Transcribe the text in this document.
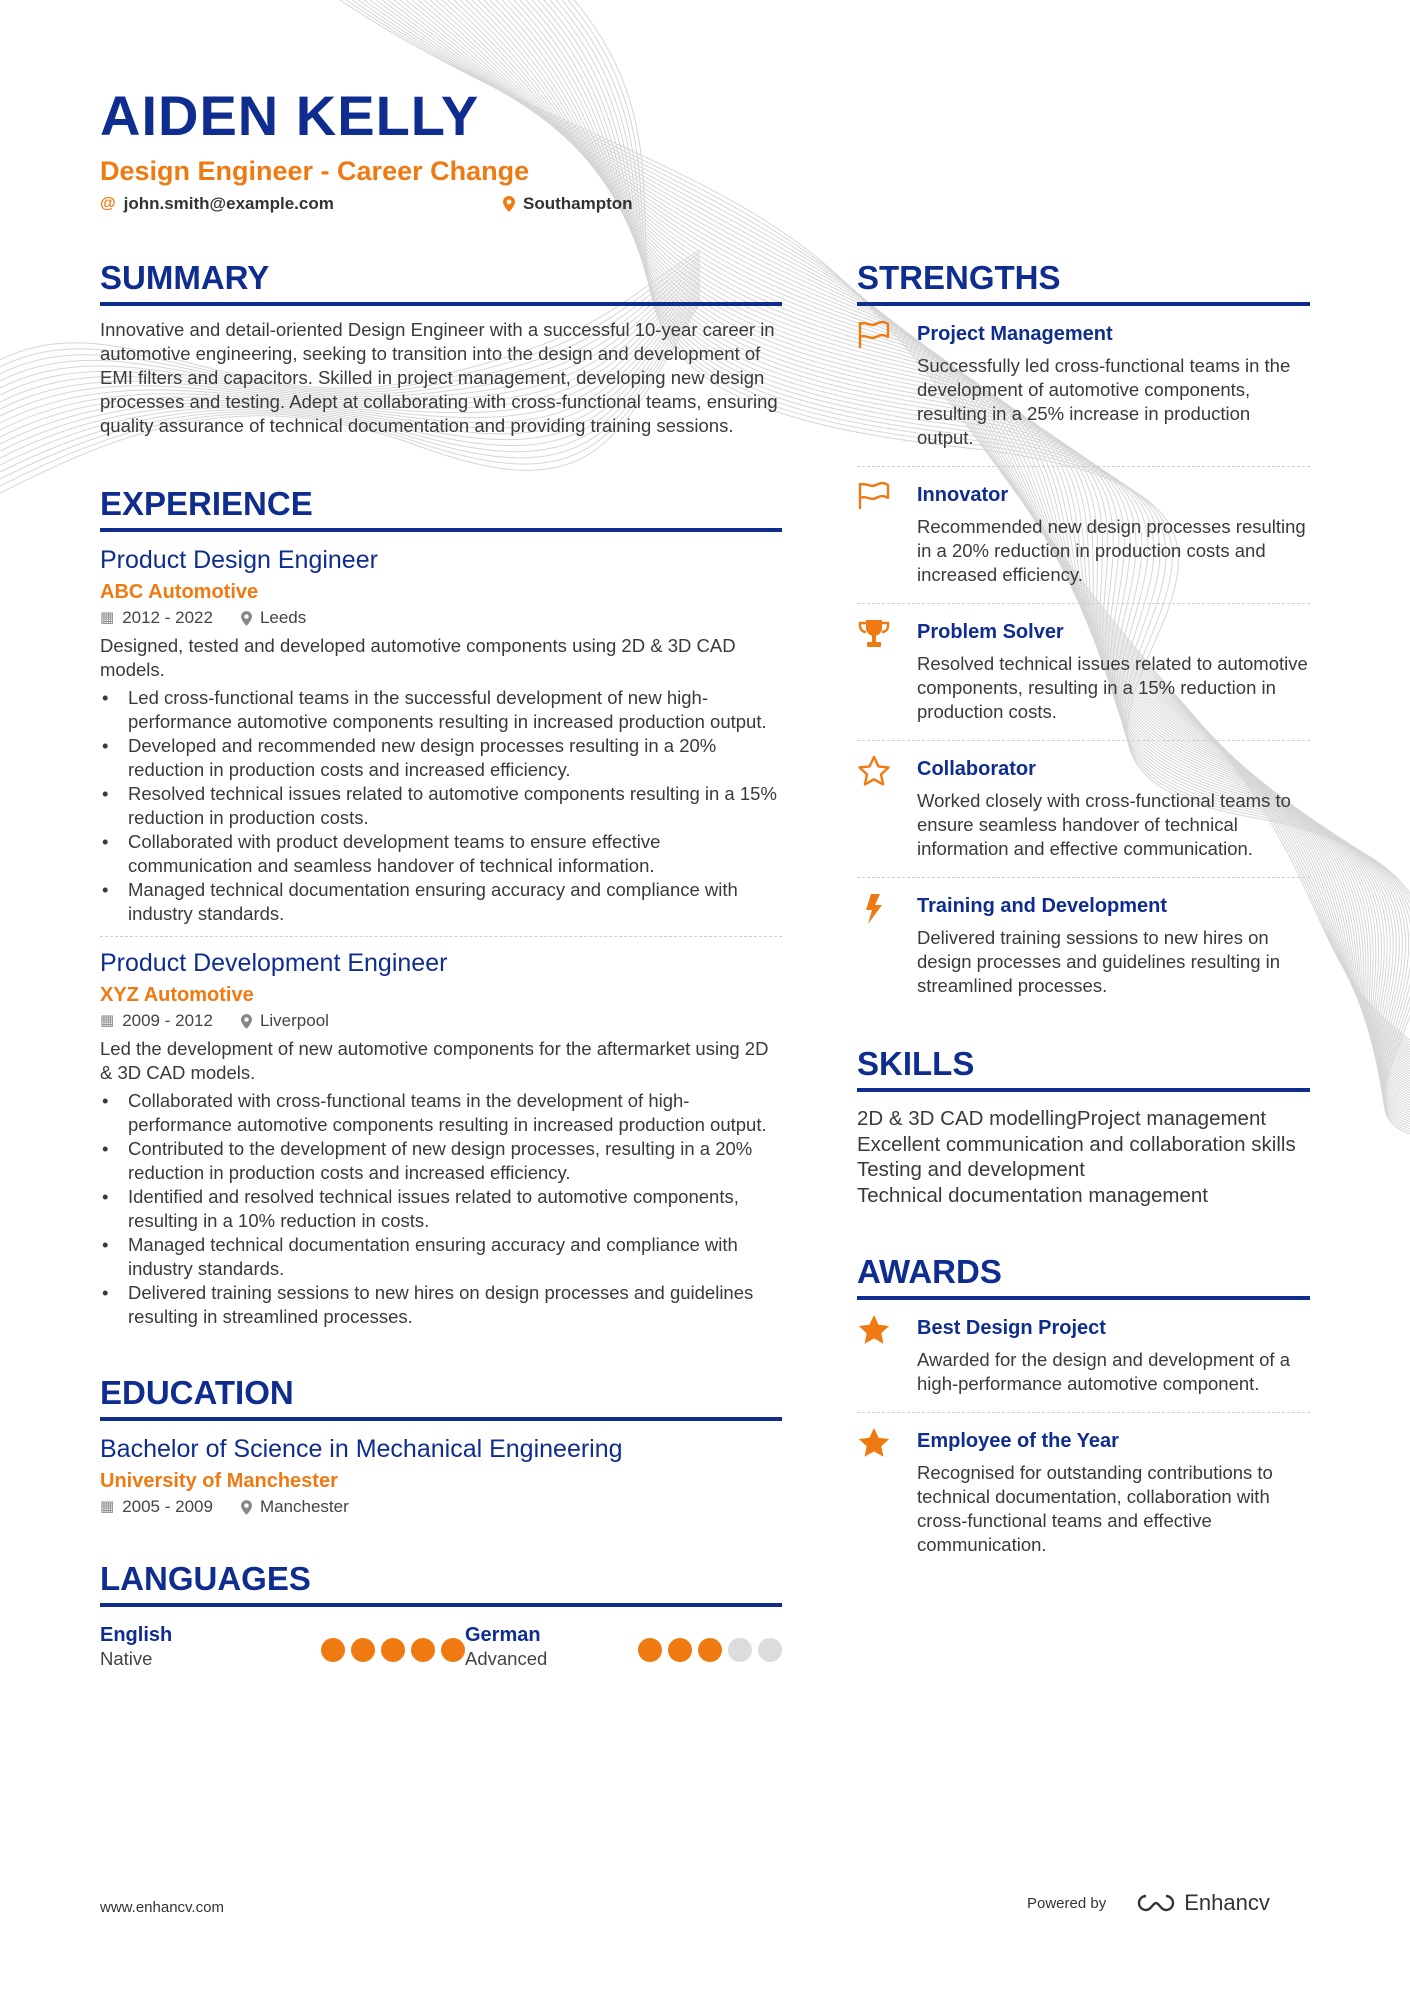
AIDEN KELLY

Design Engineer - Career Change

@ john.smith@example.com	Southampton
SUMMARY

Innovative and detail-oriented Design Engineer with a successful 10-year career in automotive engineering, seeking to transition into the design and development of EMI filters and capacitors. Skilled in project management, developing new design processes and testing. Adept at collaborating with cross-functional teams, ensuring quality assurance of technical documentation and providing training sessions.

EXPERIENCE

Product Design Engineer

ABC Automotive

▦ 2012 - 2022	Leeds

Designed, tested and developed automotive components using 2D & 3D CAD models.

• Led cross-functional teams in the successful development of new high-performance automotive components resulting in increased production output.
• Developed and recommended new design processes resulting in a 20% reduction in production costs and increased efficiency.
• Resolved technical issues related to automotive components resulting in a 15% reduction in production costs.
• Collaborated with product development teams to ensure effective communication and seamless handover of technical information.
• Managed technical documentation ensuring accuracy and compliance with industry standards.

Product Development Engineer

XYZ Automotive

▦ 2009 - 2012	Liverpool

Led the development of new automotive components for the aftermarket using 2D & 3D CAD models.

• Collaborated with cross-functional teams in the development of high-performance automotive components resulting in increased production output.
• Contributed to the development of new design processes, resulting in a 20% reduction in production costs and increased efficiency.
• Identified and resolved technical issues related to automotive components, resulting in a 10% reduction in costs.
• Managed technical documentation ensuring accuracy and compliance with industry standards.
• Delivered training sessions to new hires on design processes and guidelines resulting in streamlined processes.
EDUCATION

Bachelor of Science in Mechanical Engineering

University of Manchester

▦ 2005 - 2009	Manchester
LANGUAGES
English
Native
German
Advanced
STRENGTHS

Project Management

Successfully led cross-functional teams in the development of automotive components, resulting in a 25% increase in production output.

Innovator

Recommended new design processes resulting in a 20% reduction in production costs and increased efficiency.

Problem Solver

Resolved technical issues related to automotive components, resulting in a 15% reduction in production costs.

Collaborator

Worked closely with cross-functional teams to ensure seamless handover of technical information and effective communication.

Training and Development

Delivered training sessions to new hires on design processes and guidelines resulting in streamlined processes.

SKILLS

2D & 3D CAD modellingProject management

Excellent communication and collaboration skills

Testing and development

Technical documentation management

AWARDS

Best Design Project

Awarded for the design and development of a high-performance automotive component.

Employee of the Year

Recognised for outstanding contributions to technical documentation, collaboration with cross-functional teams and effective communication.

www.enhancv.com	Powered by	Enhancv
